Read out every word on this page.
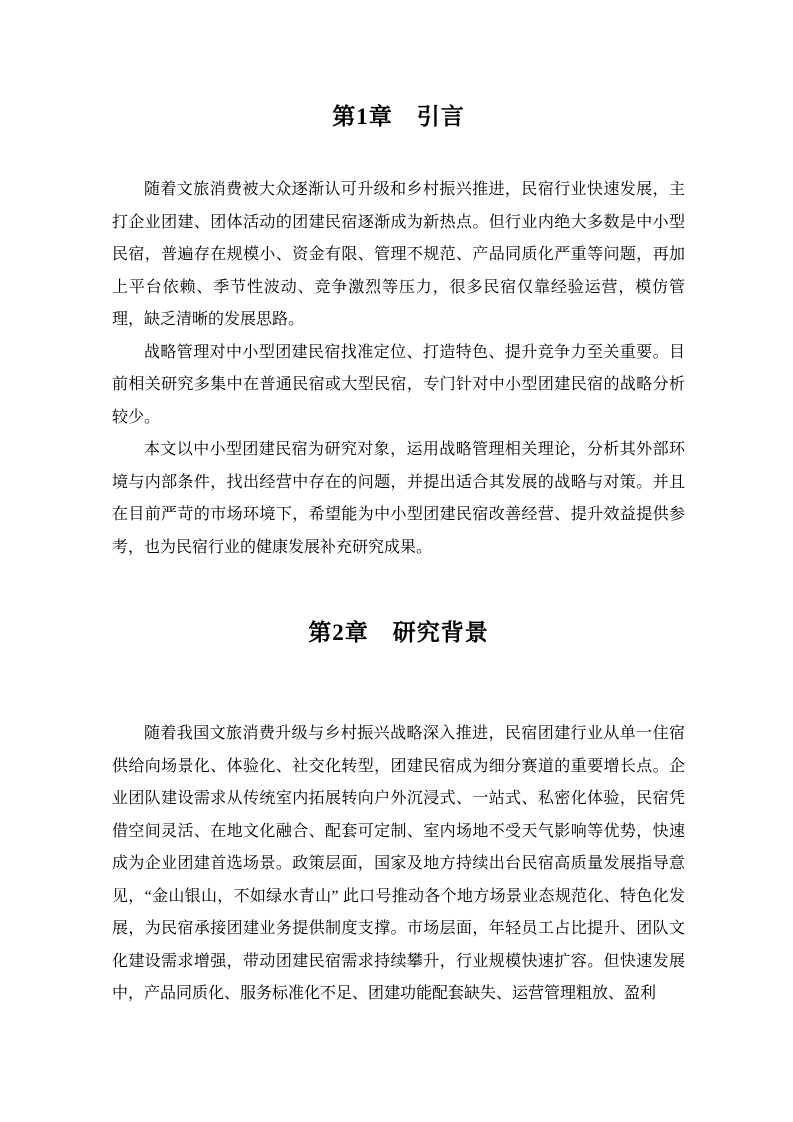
第1章　引言

随着文旅消费被大众逐渐认可升级和乡村振兴推进，民宿行业快速发展，主打企业团建、团体活动的团建民宿逐渐成为新热点。但行业内绝大多数是中小型民宿，普遍存在规模小、资金有限、管理不规范、产品同质化严重等问题，再加上平台依赖、季节性波动、竞争激烈等压力，很多民宿仅靠经验运营，模仿管理，缺乏清晰的发展思路。

战略管理对中小型团建民宿找准定位、打造特色、提升竞争力至关重要。目前相关研究多集中在普通民宿或大型民宿，专门针对中小型团建民宿的战略分析较少。

本文以中小型团建民宿为研究对象，运用战略管理相关理论，分析其外部环境与内部条件，找出经营中存在的问题，并提出适合其发展的战略与对策。并且在目前严苛的市场环境下，希望能为中小型团建民宿改善经营、提升效益提供参考，也为民宿行业的健康发展补充研究成果。

第2章　研究背景

随着我国文旅消费升级与乡村振兴战略深入推进，民宿团建行业从单一住宿供给向场景化、体验化、社交化转型，团建民宿成为细分赛道的重要增长点。企业团队建设需求从传统室内拓展转向户外沉浸式、一站式、私密化体验，民宿凭借空间灵活、在地文化融合、配套可定制、室内场地不受天气影响等优势，快速成为企业团建首选场景。政策层面，国家及地方持续出台民宿高质量发展指导意见，“金山银山，不如绿水青山” 此口号推动各个地方场景业态规范化、特色化发展，为民宿承接团建业务提供制度支撑。市场层面，年轻员工占比提升、团队文化建设需求增强，带动团建民宿需求持续攀升，行业规模快速扩容。但快速发展中，产品同质化、服务标准化不足、团建功能配套缺失、运营管理粗放、盈利
